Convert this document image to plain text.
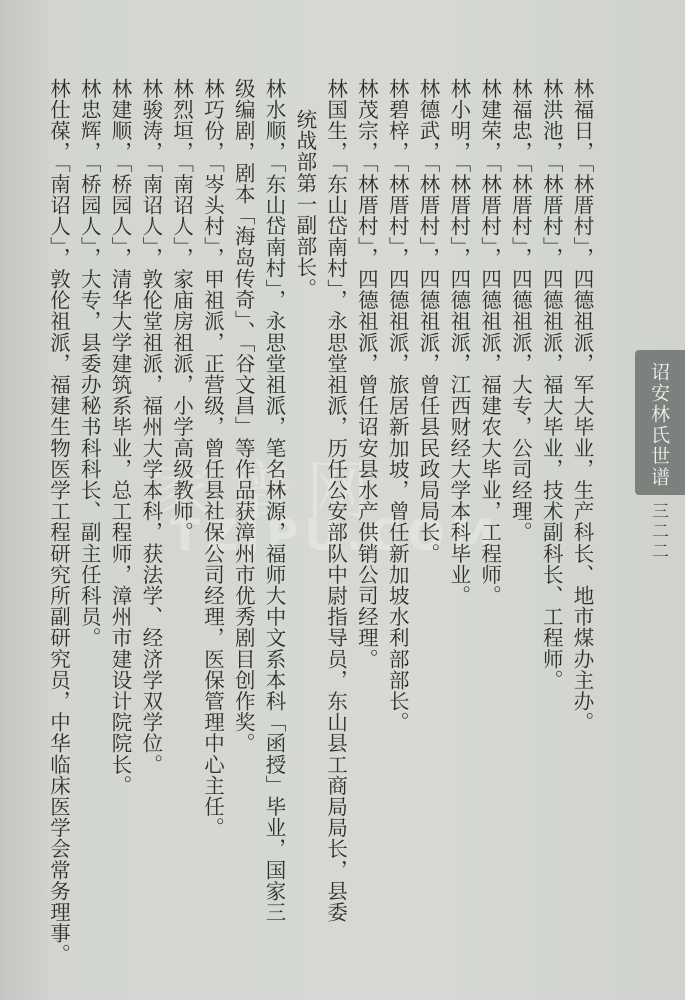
家谱网
TZJPU.COM	林福日，「林厝村」，四德祖派，军大毕业，生产科长、地市煤办主办。
林洪池，「林厝村」，四德祖派，福大毕业，技术副科长、工程师。
林福忠，「林厝村」，四德祖派，大专，公司经理。
林建荣，「林厝村」，四德祖派，福建农大毕业，工程师。
林小明，「林厝村」，四德祖派，江西财经大学本科毕业。
林德武，「林厝村」，四德祖派，曾任县民政局局长。
林碧梓，「林厝村」，四德祖派，旅居新加坡，曾任新加坡水利部部长。
林茂宗，「林厝村」，四德祖派，曾任诏安县水产供销公司经理。
林国生，「东山岱南村」，永思堂祖派，历任公安部队中尉指导员，东山县工商局局长，县委
统战部第一副部长。
林水顺，「东山岱南村」，永思堂祖派，笔名林源，福师大中文系本科「函授」毕业，国家三
级编剧，剧本「海岛传奇」、「谷文昌」等作品获漳州市优秀剧目创作奖。
林巧份，「岑头村」，甲祖派，正营级，曾任县社保公司经理，医保管理中心主任。
林烈垣，「南诏人」，家庙房祖派，小学高级教师。
林骏涛，「南诏人」，敦伦堂祖派，福州大学本科，获法学、经济学双学位。
林建顺，「桥园人」，清华大学建筑系毕业，总工程师，漳州市建设计院院长。
林忠辉，「桥园人」，大专，县委办秘书科科长、副主任科员。
林仕葆，「南诏人」，敦伦祖派，福建生物医学工程研究所副研究员，中华临床医学会常务理事。	诏安林氏世谱
三二二
